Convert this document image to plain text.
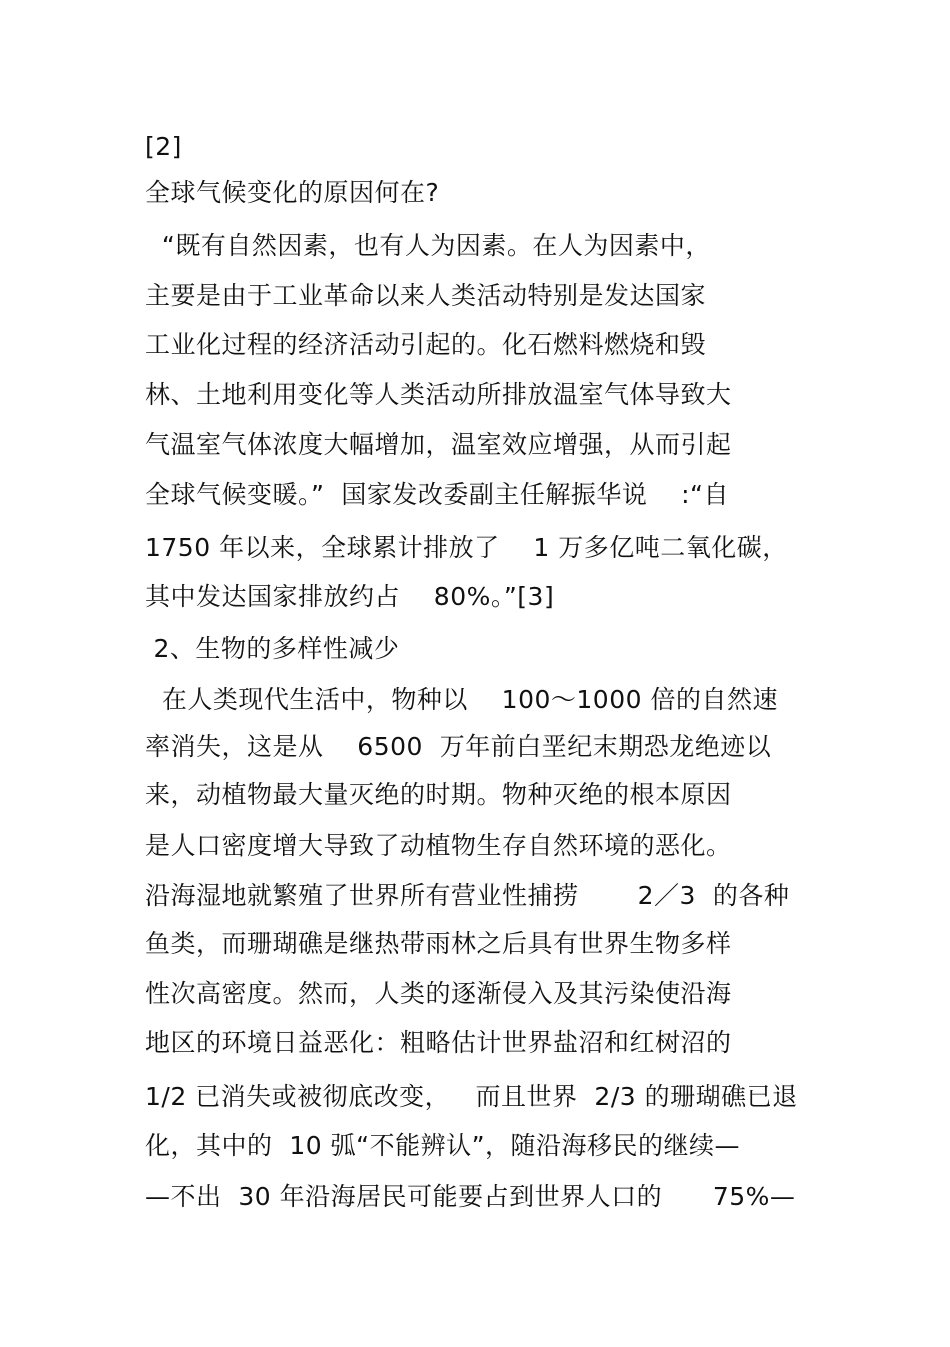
[2]
全球气候变化的原因何在?
“既有自然因素，也有人为因素。在人为因素中，
主要是由于工业革命以来人类活动特别是发达国家
工业化过程的经济活动引起的。化石燃料燃烧和毁
林、土地利用变化等人类活动所排放温室气体导致大
气温室气体浓度大幅增加，温室效应增强，从而引起
全球气候变暖。”  国家发改委副主任解振华说    :“自
1750 年以来，全球累计排放了    1 万多亿吨二氧化碳，
其中发达国家排放约占    80%。”[3]
2、生物的多样性减少
在人类现代生活中，物种以    100～1000 倍的自然速
率消失，这是从    6500  万年前白垩纪末期恐龙绝迹以
来，动植物最大量灭绝的时期。物种灭绝的根本原因
是人口密度增大导致了动植物生存自然环境的恶化。
沿海湿地就繁殖了世界所有营业性捕捞       2／3  的各种
鱼类，而珊瑚礁是继热带雨林之后具有世界生物多样
性次高密度。然而，人类的逐渐侵入及其污染使沿海
地区的环境日益恶化：粗略估计世界盐沼和红树沼的
1/2 已消失或被彻底改变，   而且世界  2/3 的珊瑚礁已退
化，其中的  10 弧“不能辨认”，随沿海移民的继续—
—不出  30 年沿海居民可能要占到世界人口的      75%—
